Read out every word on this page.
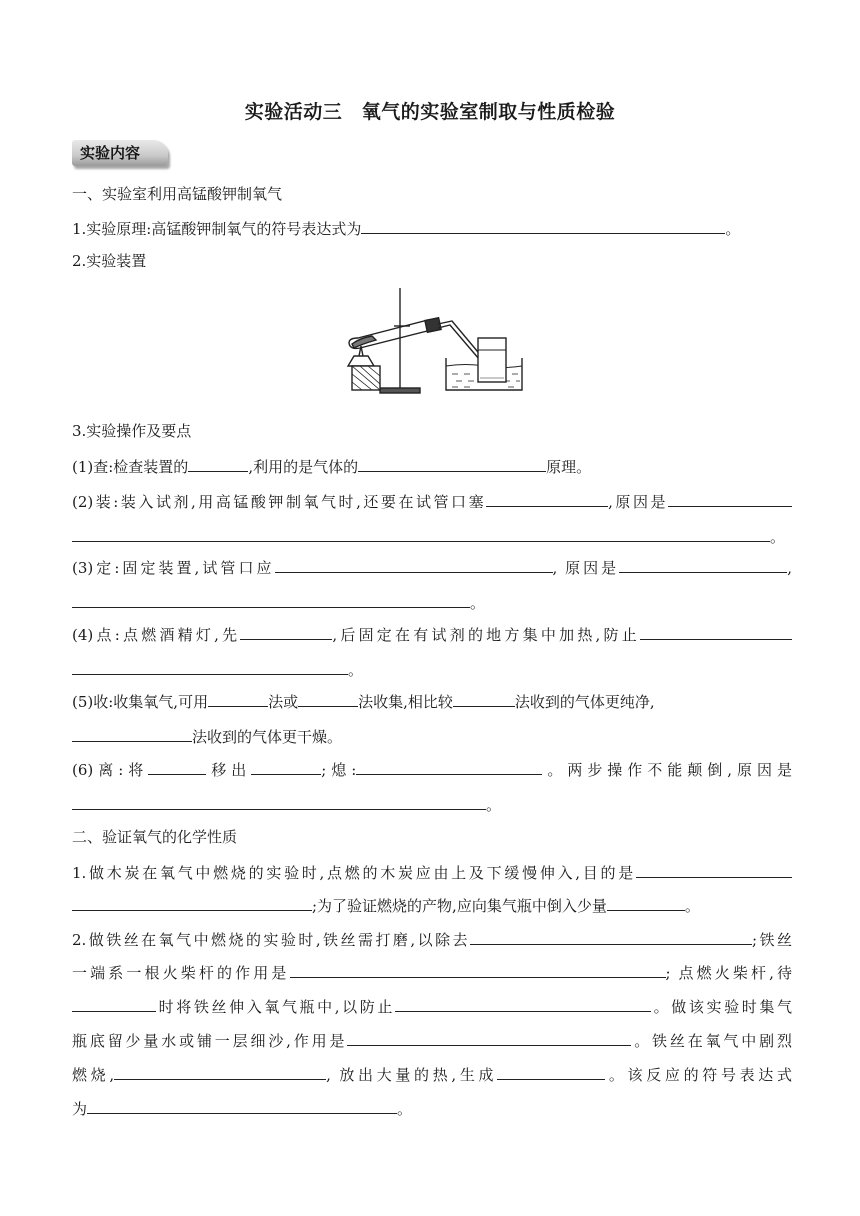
实验活动三　氧气的实验室制取与性质检验
实验内容
一、实验室利用高锰酸钾制氧气
1.实验原理:高锰酸钾制氧气的符号表达式为	。
2.实验装置
3.实验操作及要点
(1)查:检查装置的	,利用的是气体的	原理。
(2)装:装入试剂,用高锰酸钾制氧气时,还要在试管口塞	,原因是
。
(3)定:固定装置,试管口应	, 原因是	,
。
(4)点:点燃酒精灯,先	,后固定在有试剂的地方集中加热,防止
。
(5)收:收集氧气,可用	法或	法收集,相比较	法收到的气体更纯净,
法收到的气体更干燥。
(6)离:将	移出	;熄:	。两步操作不能颠倒,原因是
。
二、验证氧气的化学性质
1.做木炭在氧气中燃烧的实验时,点燃的木炭应由上及下缓慢伸入,目的是
;为了验证燃烧的产物,应向集气瓶中倒入少量	。
2.做铁丝在氧气中燃烧的实验时,铁丝需打磨,以除去	;铁丝
一端系一根火柴杆的作用是	; 点燃火柴杆,待
时将铁丝伸入氧气瓶中,以防止	。做该实验时集气
瓶底留少量水或铺一层细沙,作用是	。铁丝在氧气中剧烈
燃烧,	, 放出大量的热,生成	。该反应的符号表达式
为	。
